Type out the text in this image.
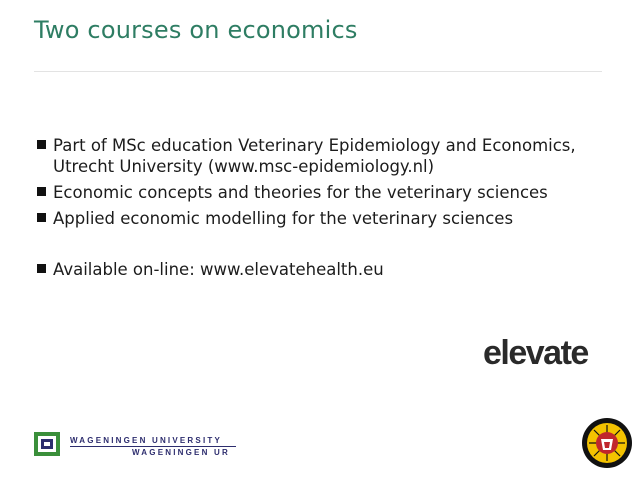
Two courses on economics
Part of MSc education Veterinary Epidemiology and Economics, Utrecht University (www.msc-epidemiology.nl)
Economic concepts and theories for the veterinary sciences
Applied economic modelling for the veterinary sciences
Available on-line: www.elevatehealth.eu
elevate
WAGENINGEN UNIVERSITY
WAGENINGEN UR
